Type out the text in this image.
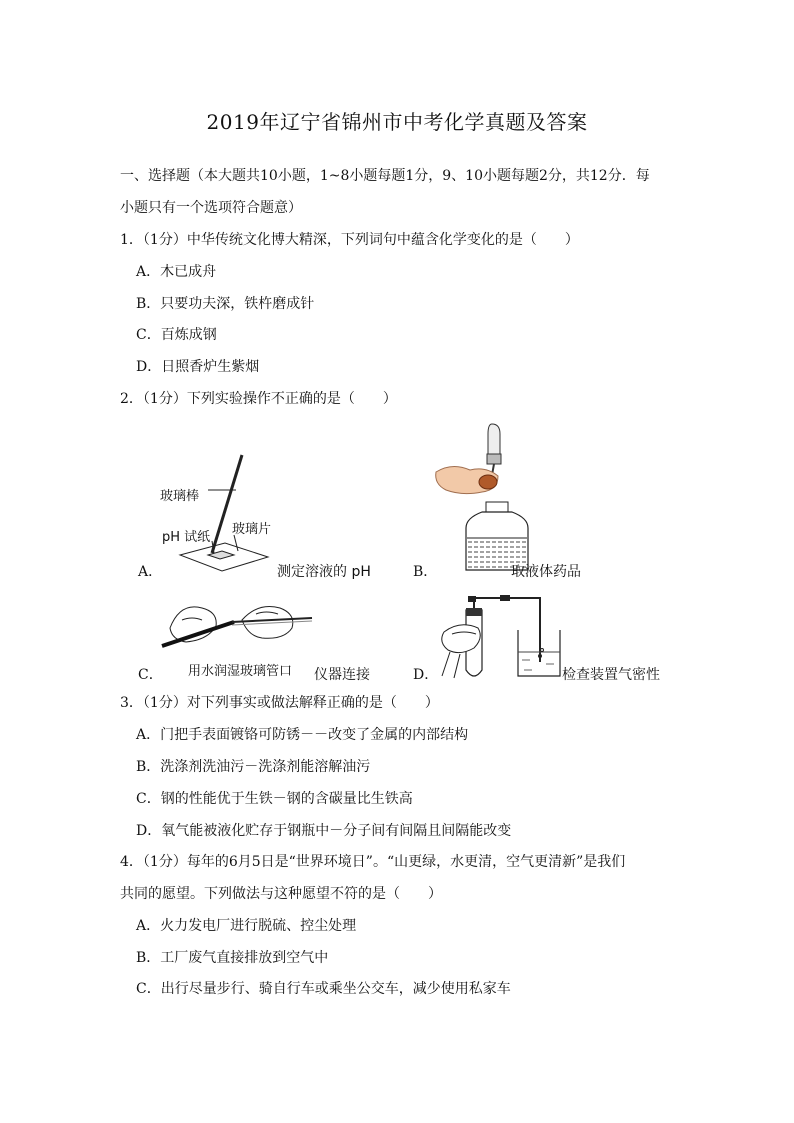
2019年辽宁省锦州市中考化学真题及答案
一、选择题（本大题共10小题，1~8小题每题1分，9、10小题每题2分，共12分．每
小题只有一个选项符合题意）
1．（1分）中华传统文化博大精深，下列词句中蕴含化学变化的是（　　）
A．木已成舟
B．只要功夫深，铁杵磨成针
C．百炼成钢
D．日照香炉生紫烟
2．（1分）下列实验操作不正确的是（　　）
A．
玻璃棒
pH 试纸
玻璃片
测定溶液的 pH	B．	取液体药品
C． 用水润湿玻璃管口 仪器连接	D．	检查装置气密性
3．（1分）对下列事实或做法解释正确的是（　　）
A．门把手表面镀铬可防锈－－改变了金属的内部结构
B．洗涤剂洗油污－洗涤剂能溶解油污
C．钢的性能优于生铁－钢的含碳量比生铁高
D．氧气能被液化贮存于钢瓶中－分子间有间隔且间隔能改变
4．（1分）每年的6月5日是“世界环境日”。“山更绿，水更清，空气更清新”是我们
共同的愿望。下列做法与这种愿望不符的是（　　）
A．火力发电厂进行脱硫、控尘处理
B．工厂废气直接排放到空气中
C．出行尽量步行、骑自行车或乘坐公交车，减少使用私家车
